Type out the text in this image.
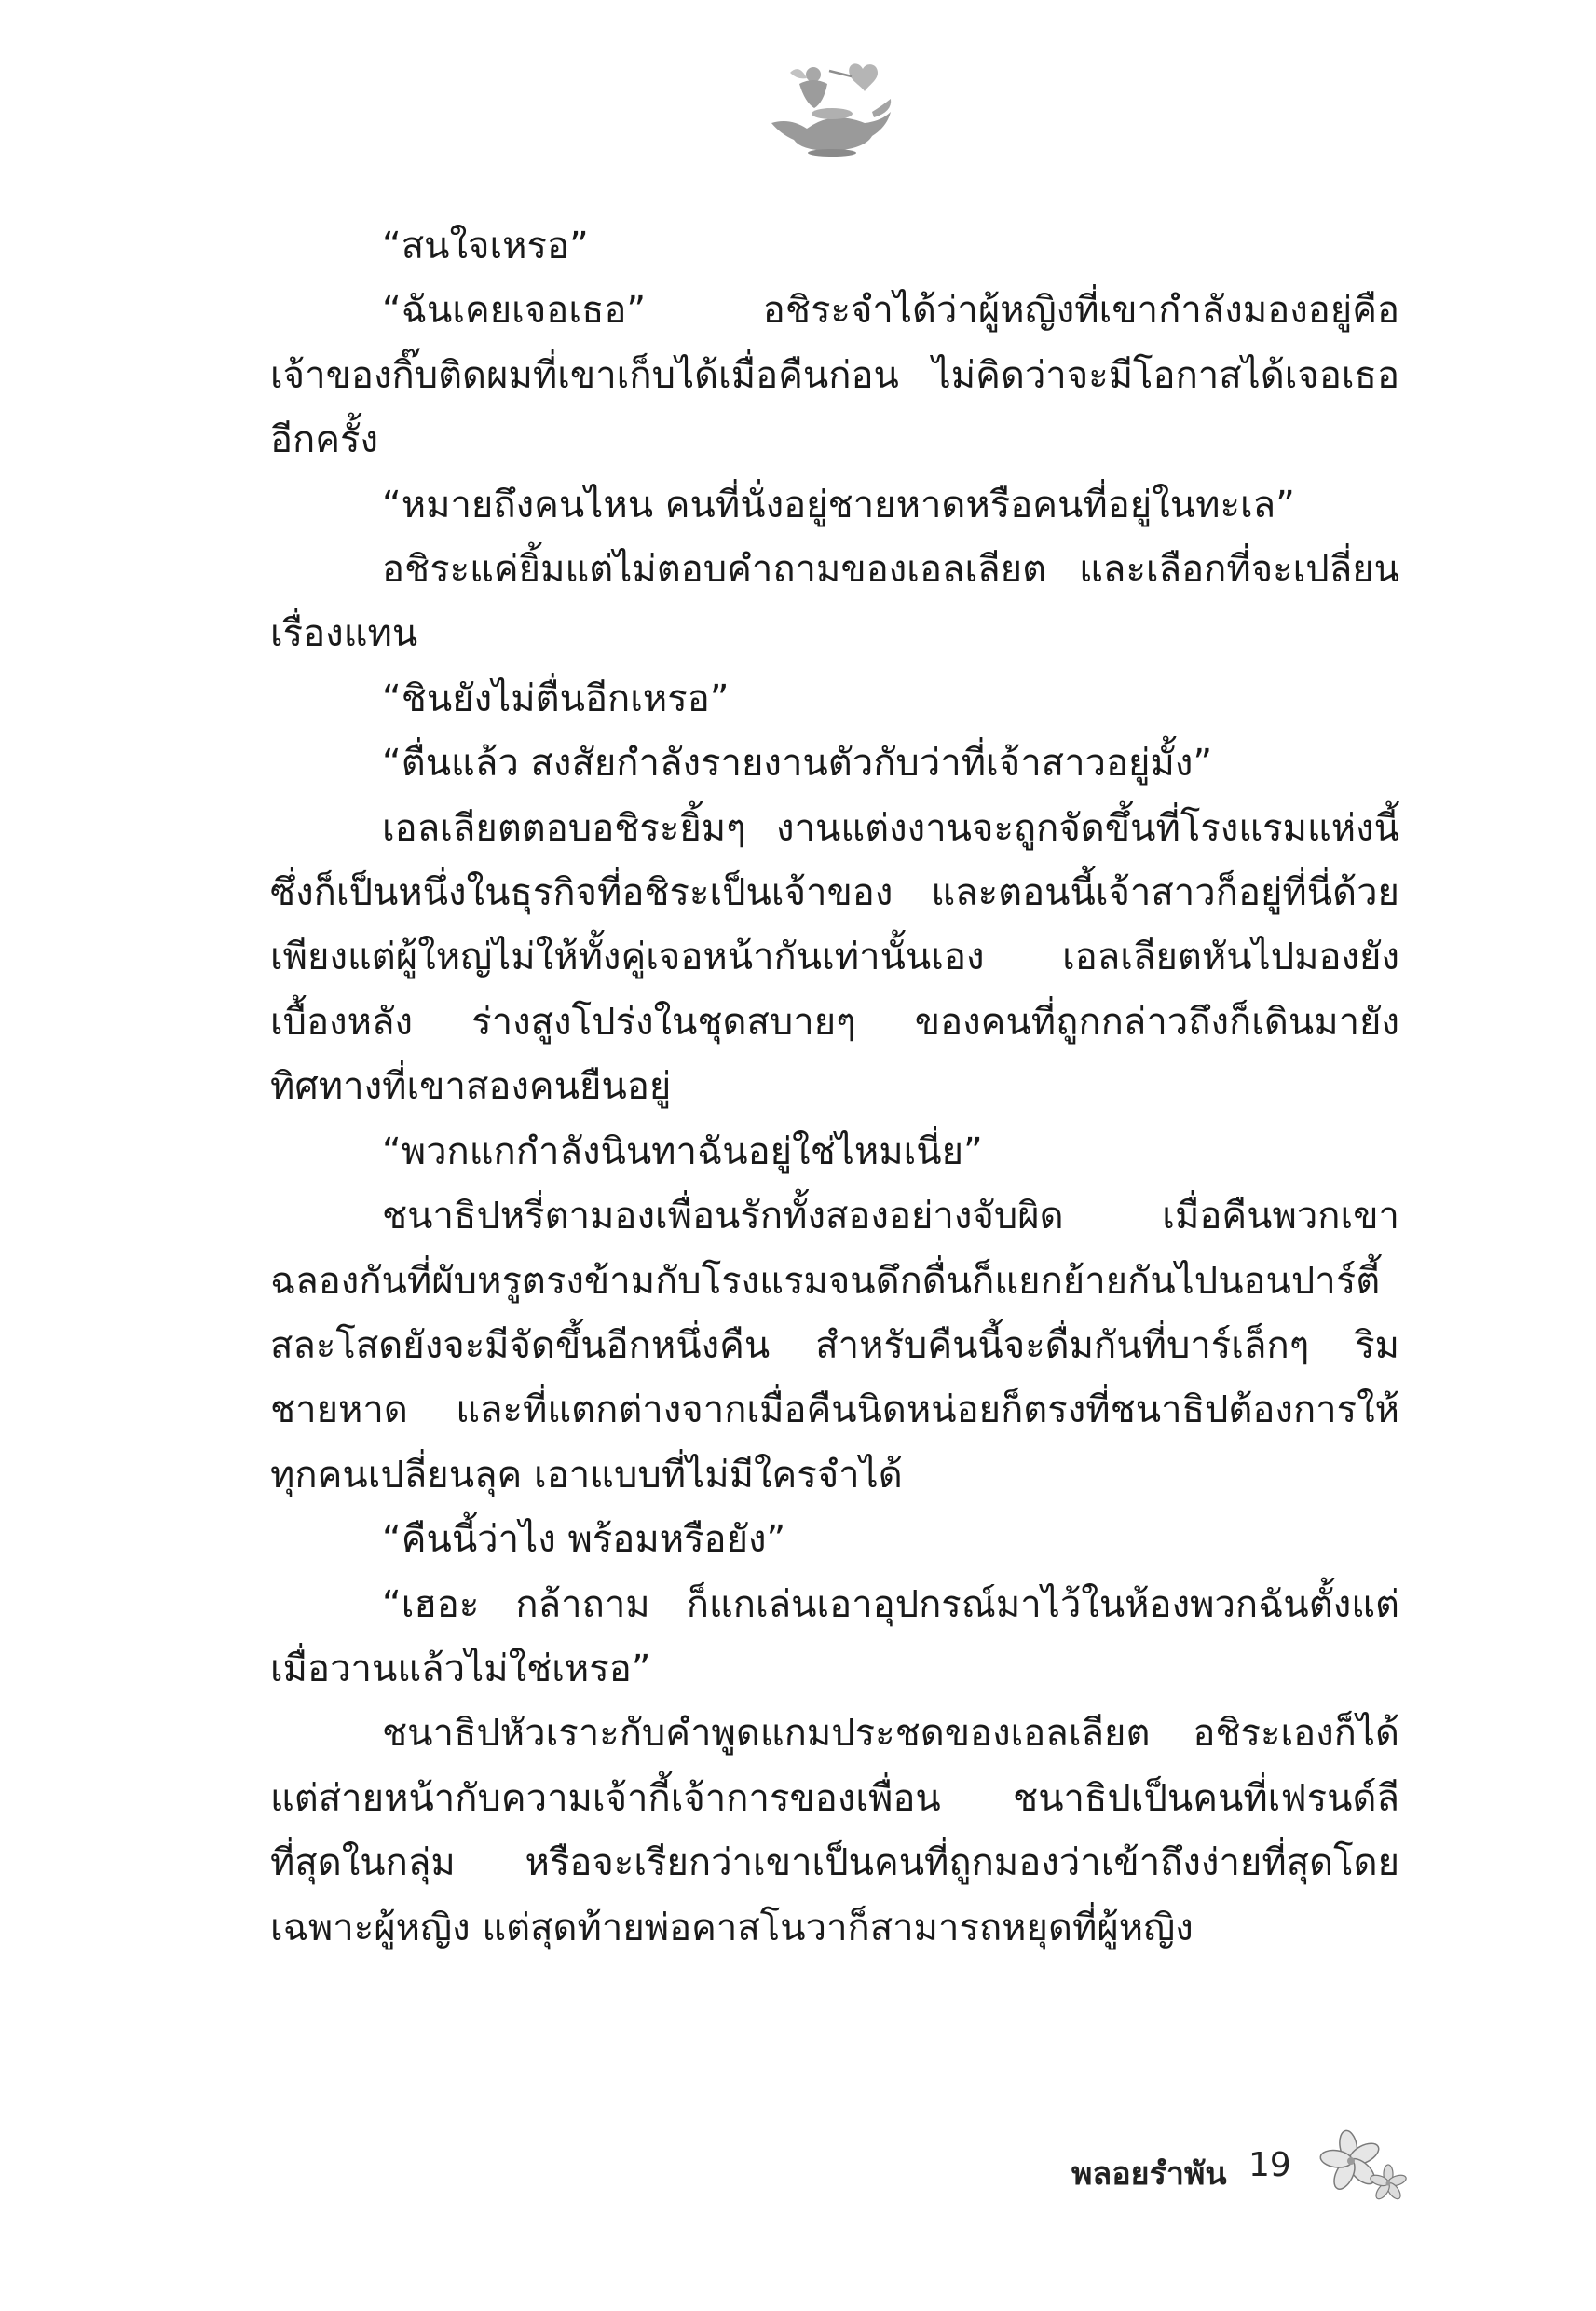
“สนใจเหรอ”

“ฉันเคยเจอเธอ” อชิระจำได้ว่าผู้หญิงที่เขากำลังมองอยู่คือเจ้าของกิ๊บติดผมที่เขาเก็บได้เมื่อคืนก่อน ไม่คิดว่าจะมีโอกาสได้เจอเธออีกครั้ง

“หมายถึงคนไหน คนที่นั่งอยู่ชายหาดหรือคนที่อยู่ในทะเล”

อชิระแค่ยิ้มแต่ไม่ตอบคำถามของเอลเลียต และเลือกที่จะเปลี่ยนเรื่องแทน

“ชินยังไม่ตื่นอีกเหรอ”

“ตื่นแล้ว สงสัยกำลังรายงานตัวกับว่าที่เจ้าสาวอยู่มั้ง”

เอลเลียตตอบอชิระยิ้มๆ งานแต่งงานจะถูกจัดขึ้นที่โรงแรมแห่งนี้ซึ่งก็เป็นหนึ่งในธุรกิจที่อชิระเป็นเจ้าของ และตอนนี้เจ้าสาวก็อยู่ที่นี่ด้วยเพียงแต่ผู้ใหญ่ไม่ให้ทั้งคู่เจอหน้ากันเท่านั้นเอง เอลเลียตหันไปมองยังเบื้องหลัง ร่างสูงโปร่งในชุดสบายๆ ของคนที่ถูกกล่าวถึงก็เดินมายังทิศทางที่เขาสองคนยืนอยู่

“พวกแกกำลังนินทาฉันอยู่ใช่ไหมเนี่ย”

ชนาธิปหรี่ตามองเพื่อนรักทั้งสองอย่างจับผิด เมื่อคืนพวกเขาฉลองกันที่ผับหรูตรงข้ามกับโรงแรมจนดึกดื่นก็แยกย้ายกันไปนอนปาร์ตี้สละโสดยังจะมีจัดขึ้นอีกหนึ่งคืน สำหรับคืนนี้จะดื่มกันที่บาร์เล็กๆ ริมชายหาด และที่แตกต่างจากเมื่อคืนนิดหน่อยก็ตรงที่ชนาธิปต้องการให้ทุกคนเปลี่ยนลุค เอาแบบที่ไม่มีใครจำได้

“คืนนี้ว่าไง พร้อมหรือยัง”

“เฮอะ กล้าถาม ก็แกเล่นเอาอุปกรณ์มาไว้ในห้องพวกฉันตั้งแต่เมื่อวานแล้วไม่ใช่เหรอ”

ชนาธิปหัวเราะกับคำพูดแกมประชดของเอลเลียต อชิระเองก็ได้แต่ส่ายหน้ากับความเจ้ากี้เจ้าการของเพื่อน ชนาธิปเป็นคนที่เฟรนด์ลีที่สุดในกลุ่ม หรือจะเรียกว่าเขาเป็นคนที่ถูกมองว่าเข้าถึงง่ายที่สุดโดยเฉพาะผู้หญิง แต่สุดท้ายพ่อคาสโนวาก็สามารถหยุดที่ผู้หญิง

พลอยรำพัน 19
